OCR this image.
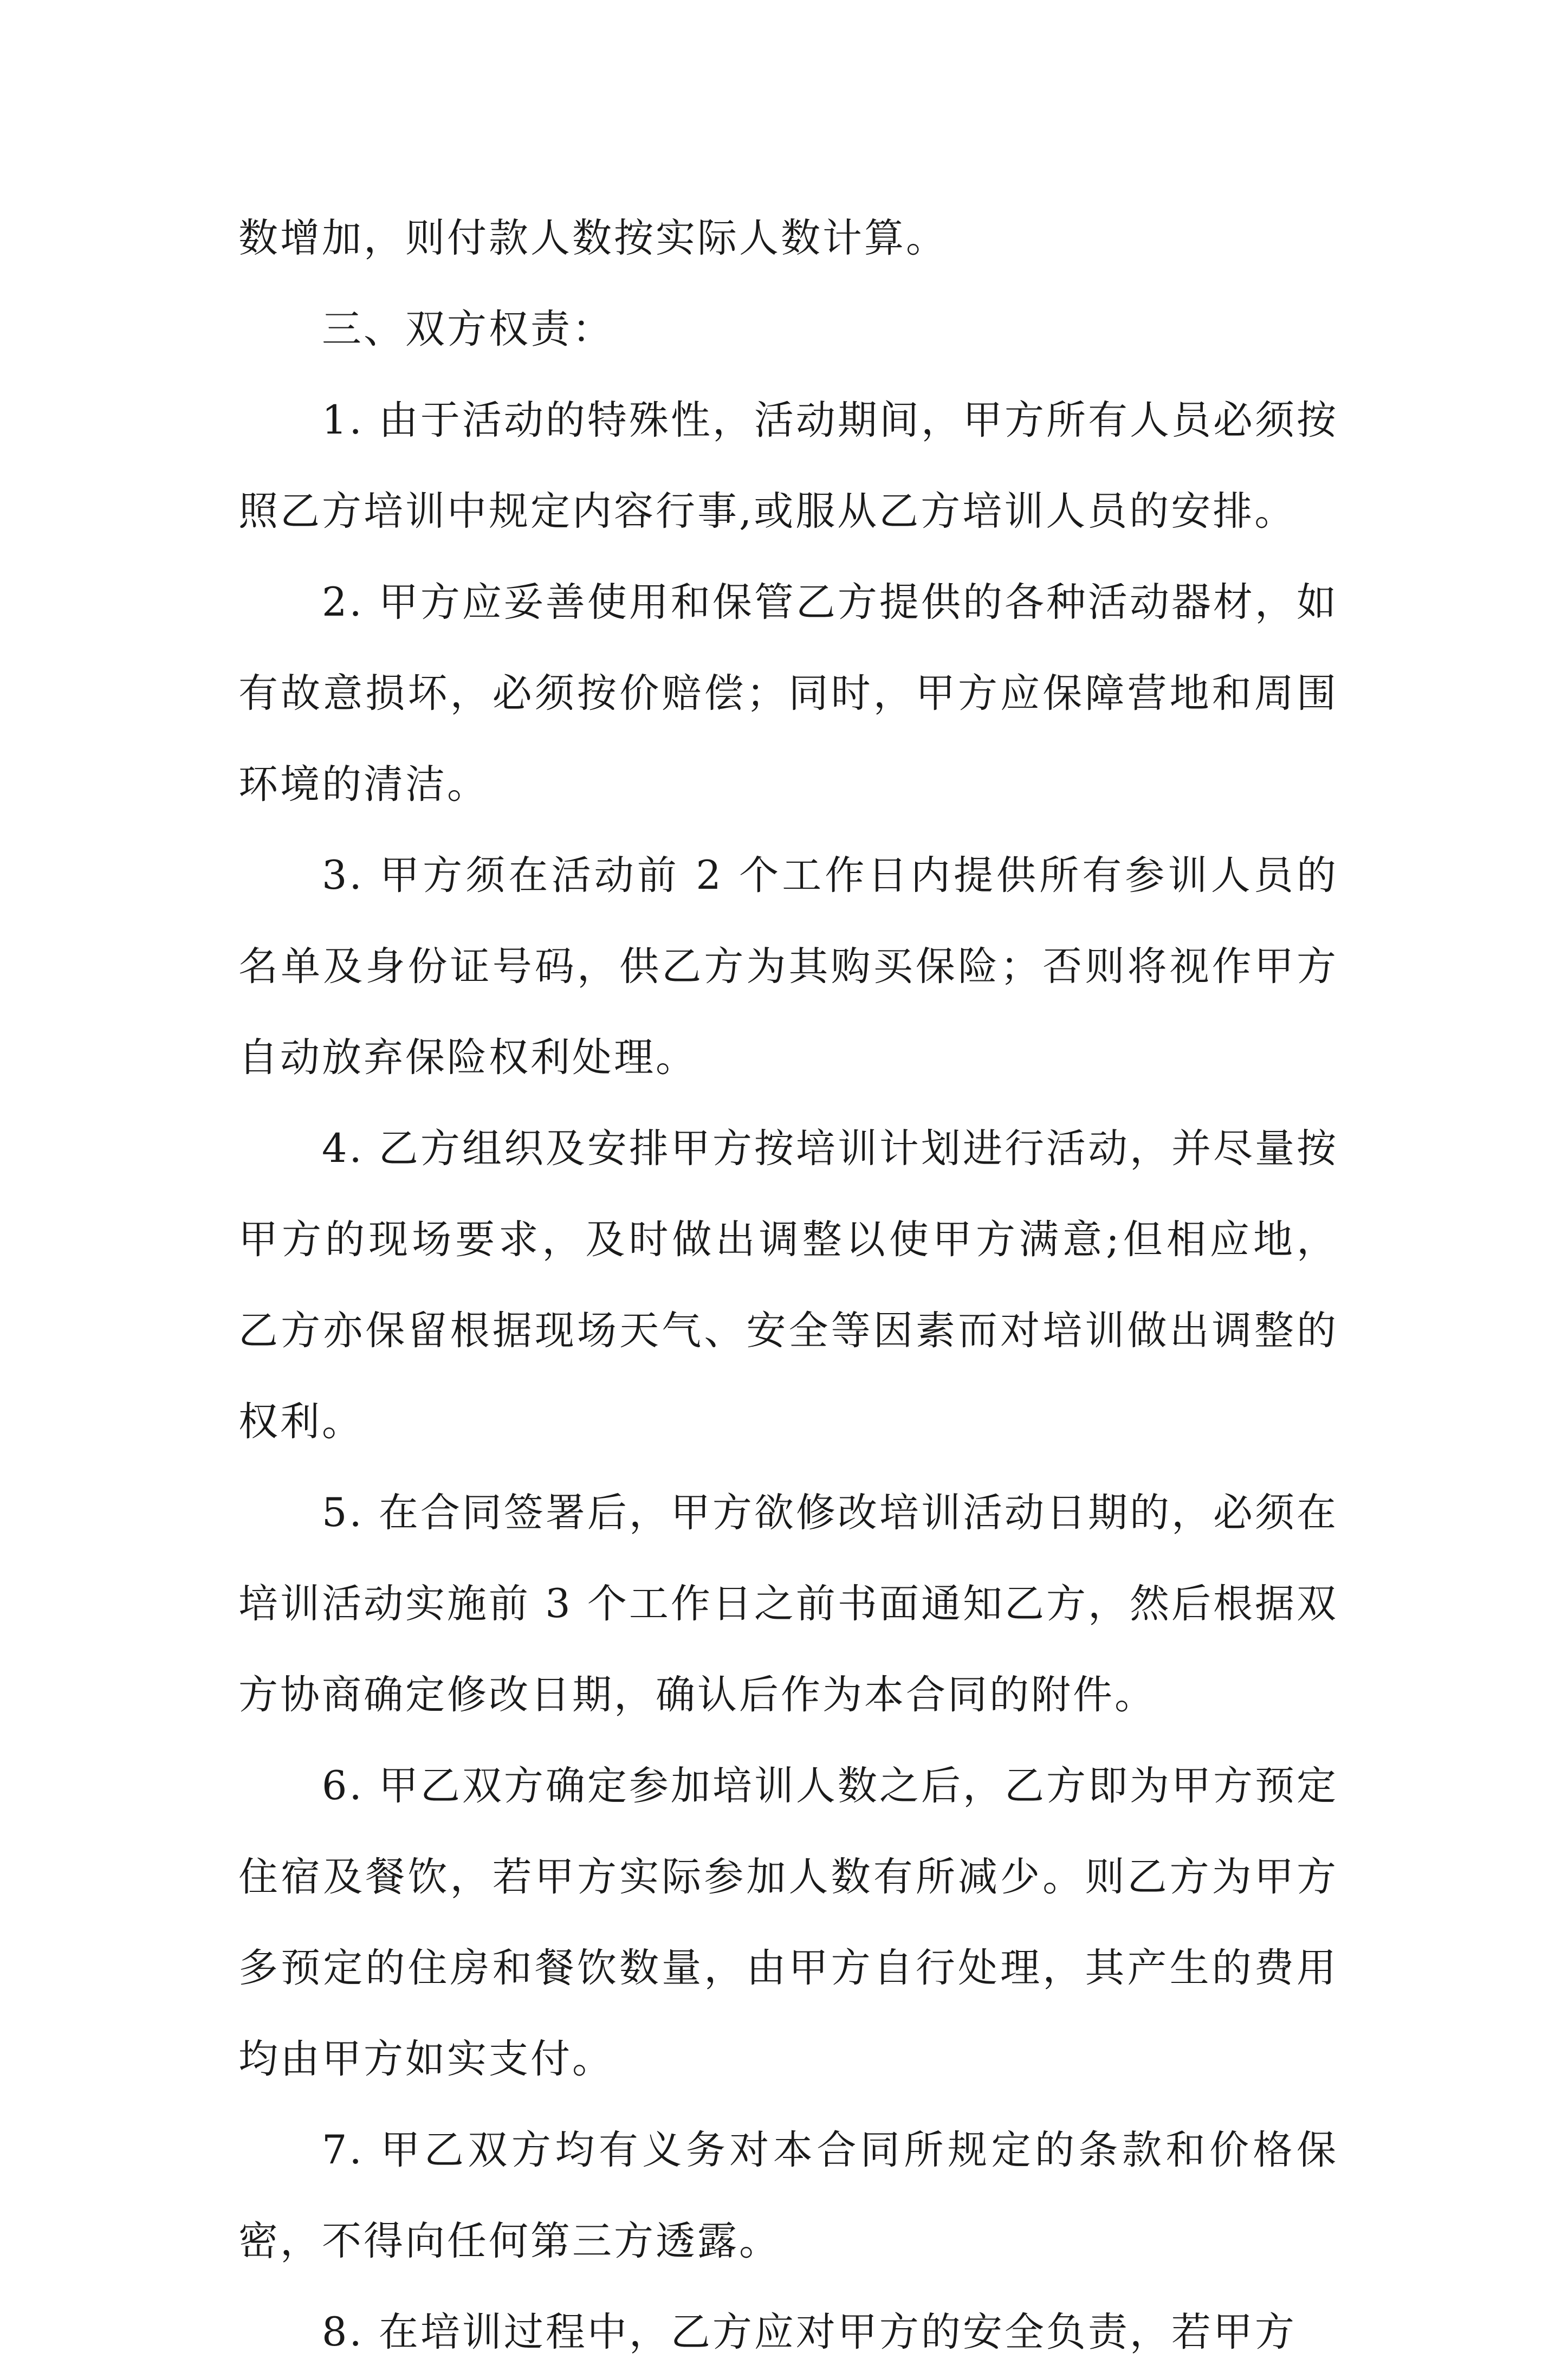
数增加，则付款人数按实际人数计算。

三、双方权责：

1. 由于活动的特殊性，活动期间，甲方所有人员必须按照乙方培训中规定内容行事,或服从乙方培训人员的安排。

2. 甲方应妥善使用和保管乙方提供的各种活动器材，如有故意损坏，必须按价赔偿；同时，甲方应保障营地和周围环境的清洁。

3. 甲方须在活动前 2 个工作日内提供所有参训人员的名单及身份证号码，供乙方为其购买保险；否则将视作甲方自动放弃保险权利处理。

4. 乙方组织及安排甲方按培训计划进行活动，并尽量按甲方的现场要求，及时做出调整以使甲方满意;但相应地，乙方亦保留根据现场天气、安全等因素而对培训做出调整的权利。

5. 在合同签署后，甲方欲修改培训活动日期的，必须在培训活动实施前 3 个工作日之前书面通知乙方，然后根据双方协商确定修改日期，确认后作为本合同的附件。

6. 甲乙双方确定参加培训人数之后，乙方即为甲方预定住宿及餐饮，若甲方实际参加人数有所减少。则乙方为甲方多预定的住房和餐饮数量，由甲方自行处理，其产生的费用均由甲方如实支付。

7. 甲乙双方均有义务对本合同所规定的条款和价格保密，不得向任何第三方透露。

8. 在培训过程中，乙方应对甲方的安全负责，若甲方
